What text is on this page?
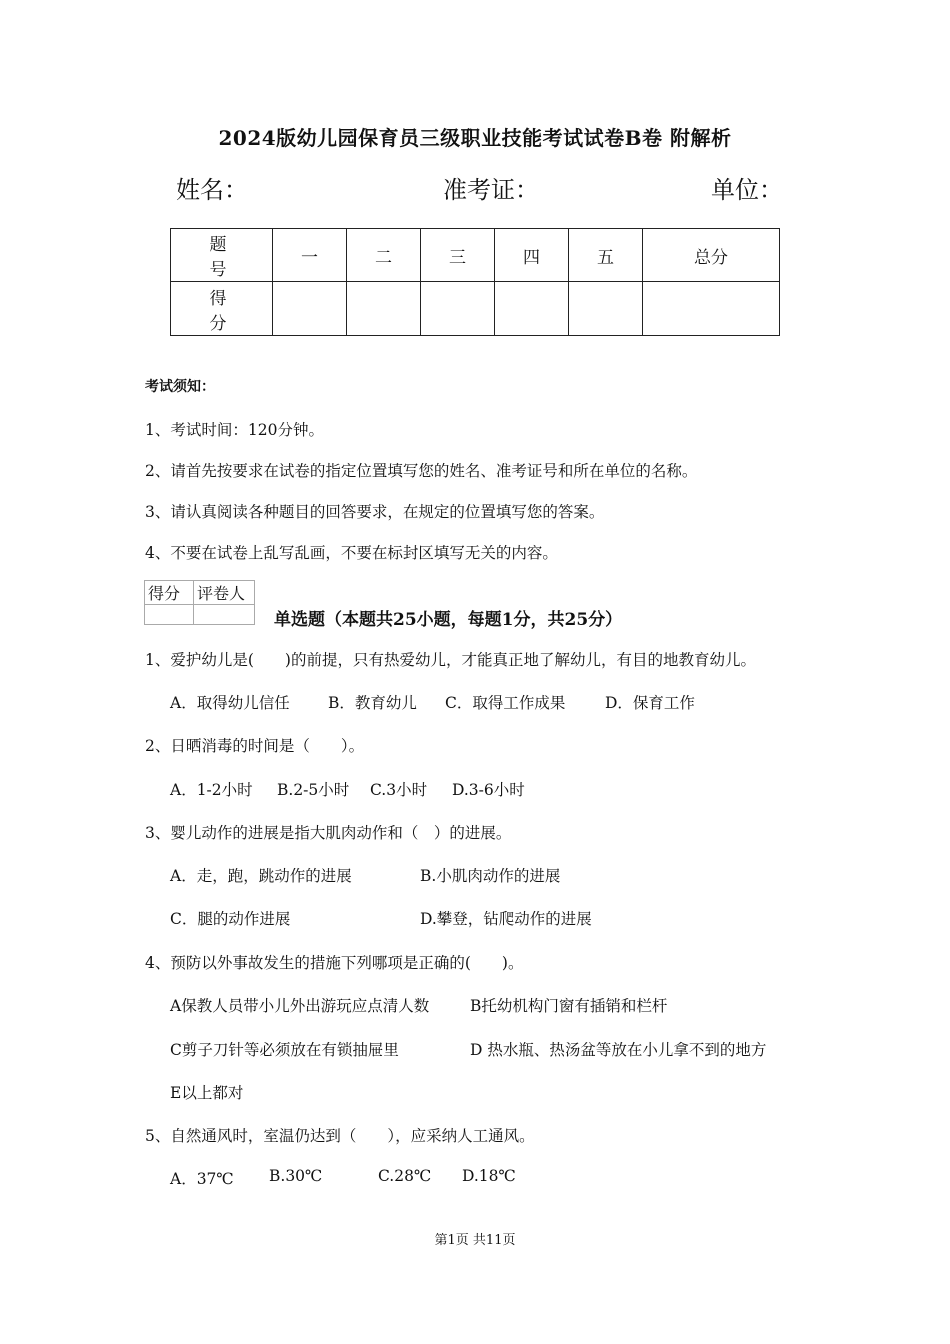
2024版幼儿园保育员三级职业技能考试试卷B卷 附解析
姓名：	准考证：	单位：
题　号	一	二	三	四	五	总分
得　分						
考试须知：
1、考试时间：120分钟。
2、请首先按要求在试卷的指定位置填写您的姓名、准考证号和所在单位的名称。
3、请认真阅读各种题目的回答要求，在规定的位置填写您的答案。
4、不要在试卷上乱写乱画，不要在标封区填写无关的内容。
得分	评卷人

单选题（本题共25小题，每题1分，共25分）
1、爱护幼儿是(　　)的前提，只有热爱幼儿，才能真正地了解幼儿，有目的地教育幼儿。
A．取得幼儿信任 B．教育幼儿 C．取得工作成果	D．保育工作
2、日晒消毒的时间是（　　）。
A．1-2小时 B.2-5小时 C.3小时 D.3-6小时
3、婴儿动作的进展是指大肌肉动作和（　）的进展。
A．走，跑，跳动作的进展	B.小肌肉动作的进展
C．腿的动作进展	D.攀登，钻爬动作的进展
4、预防以外事故发生的措施下列哪项是正确的(　　)。
A保教人员带小儿外出游玩应点清人数	B托幼机构门窗有插销和栏杆
C剪子刀针等必须放在有锁抽屉里	D 热水瓶、热汤盆等放在小儿拿不到的地方
E以上都对
5、自然通风时，室温仍达到（　　），应采纳人工通风。
A．37℃ B.30℃	C.28℃ D.18℃
第1页 共11页
